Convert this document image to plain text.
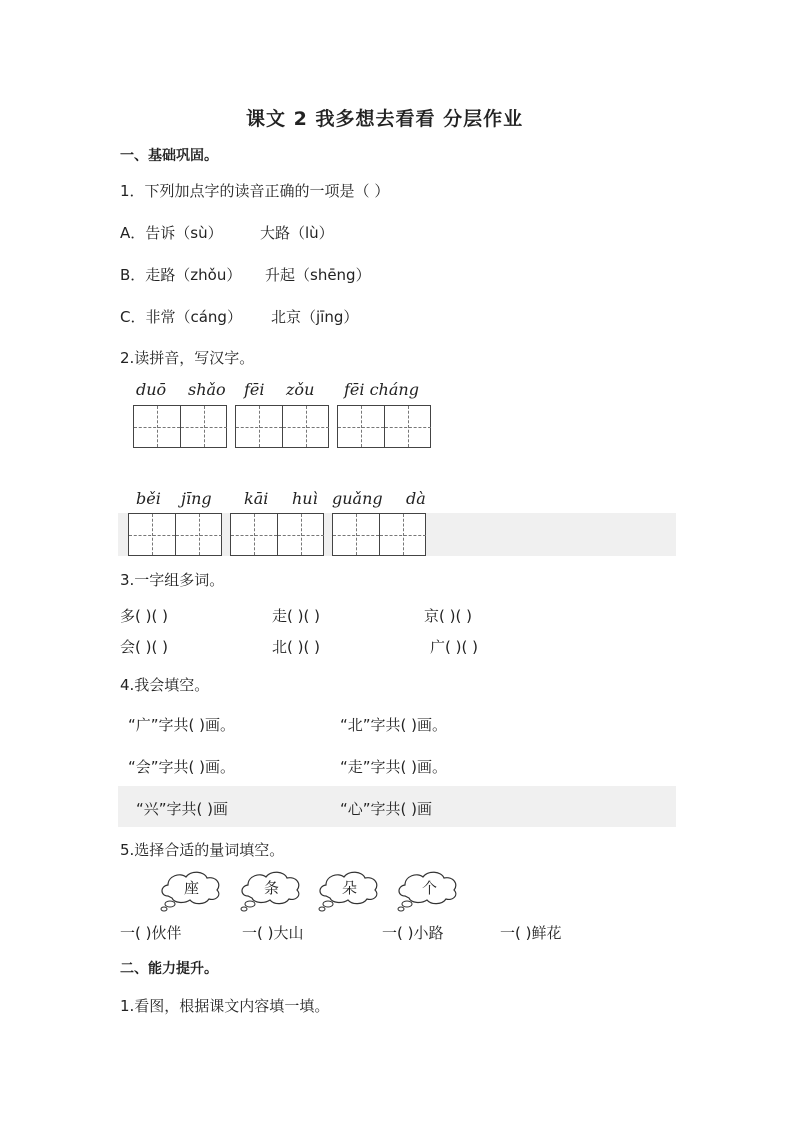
课文 2 我多想去看看 分层作业
一、基础巩固。
1．下列加点字的读音正确的一项是（ ）
A．告诉（sù） 大路（lù）
B．走路（zhǒu） 升起（shēng）
C．非常（cáng） 北京（jīng）
2.读拼音，写汉字。
duō shǎo fēi zǒu fēi cháng
běi jīng kāi huì guǎng dà
3.一字组多词。
多( )( )	走( )( )	京( )( )
会( )( )	北( )( )	广( )( )
4.我会填空。
“广”字共( )画。	“北”字共( )画。
“会”字共( )画。	“走”字共( )画。
“兴”字共( )画	“心”字共( )画
5.选择合适的量词填空。
座	条	朵	个
一( )伙伴	一( )大山	一( )小路	一( )鲜花
二、能力提升。
1.看图，根据课文内容填一填。
